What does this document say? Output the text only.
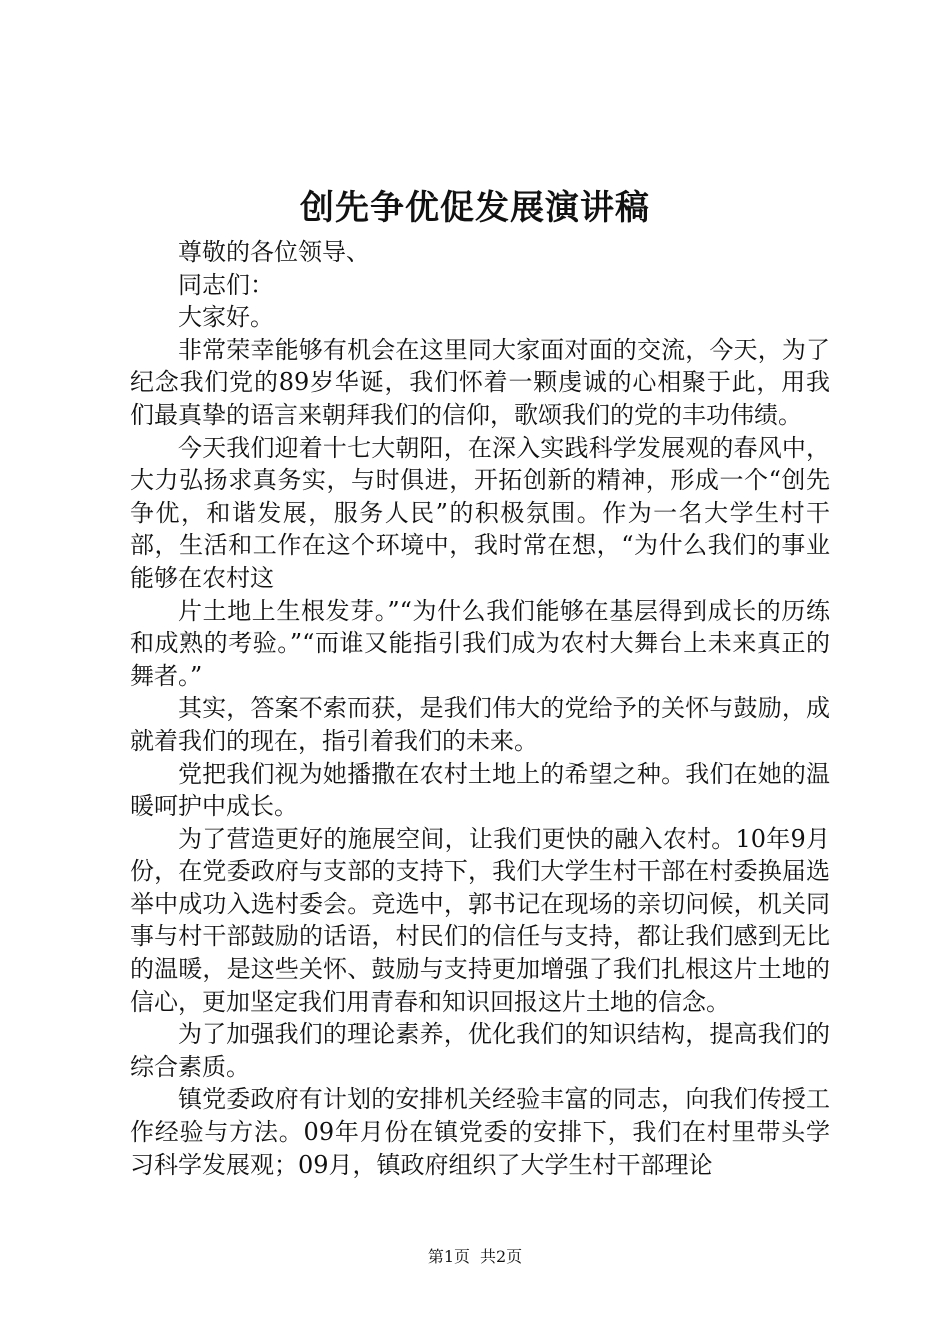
创先争优促发展演讲稿

尊敬的各位领导、

同志们：

大家好。

非常荣幸能够有机会在这里同大家面对面的交流，今天，为了纪念我们党的89岁华诞，我们怀着一颗虔诚的心相聚于此，用我们最真挚的语言来朝拜我们的信仰，歌颂我们的党的丰功伟绩。

今天我们迎着十七大朝阳，在深入实践科学发展观的春风中，大力弘扬求真务实，与时俱进，开拓创新的精神，形成一个“创先争优，和谐发展，服务人民”的积极氛围。作为一名大学生村干部，生活和工作在这个环境中，我时常在想，“为什么我们的事业能够在农村这

片土地上生根发芽。”“为什么我们能够在基层得到成长的历练和成熟的考验。”“而谁又能指引我们成为农村大舞台上未来真正的舞者。”

其实，答案不索而获，是我们伟大的党给予的关怀与鼓励，成就着我们的现在，指引着我们的未来。

党把我们视为她播撒在农村土地上的希望之种。我们在她的温暖呵护中成长。

为了营造更好的施展空间，让我们更快的融入农村。10年9月份，在党委政府与支部的支持下，我们大学生村干部在村委换届选举中成功入选村委会。竞选中，郭书记在现场的亲切问候，机关同事与村干部鼓励的话语，村民们的信任与支持，都让我们感到无比的温暖，是这些关怀、鼓励与支持更加增强了我们扎根这片土地的信心，更加坚定我们用青春和知识回报这片土地的信念。

为了加强我们的理论素养，优化我们的知识结构，提高我们的综合素质。

镇党委政府有计划的安排机关经验丰富的同志，向我们传授工作经验与方法。09年月份在镇党委的安排下，我们在村里带头学习科学发展观；09月，镇政府组织了大学生村干部理论

第1页 共2页
